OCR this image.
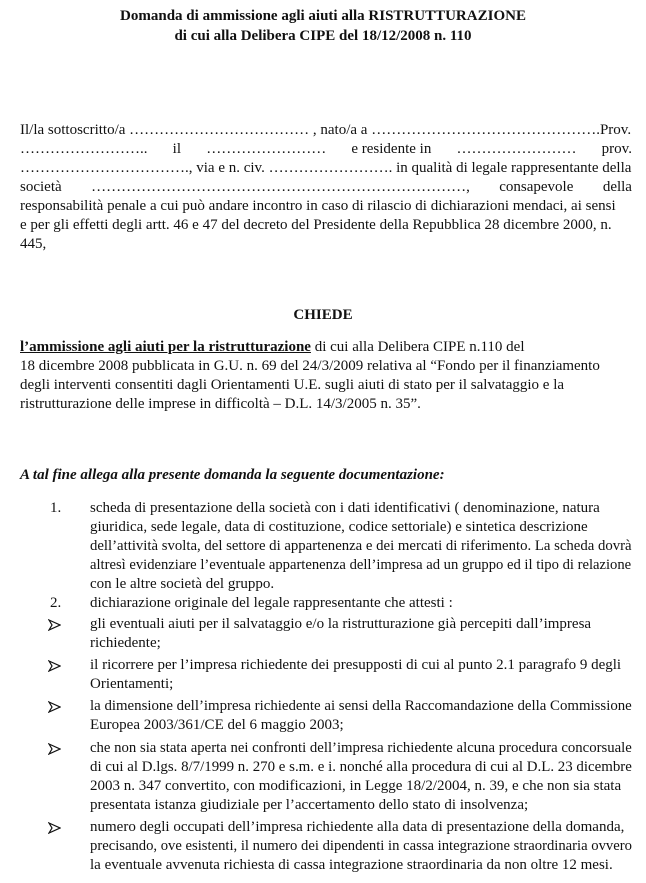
Domanda di ammissione agli aiuti alla RISTRUTTURAZIONE
di cui alla Delibera CIPE del 18/12/2008 n. 110
Il/la sottoscritto/a ……………………………… , nato/a a ……………………………………….Prov.
…………………….. il …………………… e residente in …………………… prov.
……………………………., via e n. civ. ……………………. in qualità di legale rappresentante della
società …………………………………………………………………, consapevole della
responsabilità penale a cui può andare incontro in caso di rilascio di dichiarazioni mendaci, ai sensi
e per gli effetti degli artt. 46 e 47 del decreto del Presidente della Repubblica 28 dicembre 2000, n.
445,
CHIEDE
l’ammissione agli aiuti per la ristrutturazione di cui alla Delibera CIPE n.110 del
18 dicembre 2008 pubblicata in G.U. n. 69 del 24/3/2009 relativa al “Fondo per il finanziamento
degli interventi consentiti dagli Orientamenti U.E. sugli aiuti di stato per il salvataggio e la
ristrutturazione delle imprese in difficoltà – D.L. 14/3/2005 n. 35”.
A tal fine allega alla presente domanda la seguente documentazione:
1.	scheda di presentazione della società con i dati identificativi ( denominazione, natura
giuridica, sede legale, data di costituzione, codice settoriale) e sintetica descrizione
dell’attività svolta, del settore di appartenenza e dei mercati di riferimento. La scheda dovrà
altresì evidenziare l’eventuale appartenenza dell’impresa ad un gruppo ed il tipo di relazione
con le altre società del gruppo.
2.	dichiarazione originale del legale rappresentante che attesti :
gli eventuali aiuti per il salvataggio e/o la ristrutturazione già percepiti dall’impresa
richiedente;
il ricorrere per l’impresa richiedente dei presupposti di cui al punto 2.1 paragrafo 9 degli
Orientamenti;
la dimensione dell’impresa richiedente ai sensi della Raccomandazione della Commissione
Europea 2003/361/CE del 6 maggio 2003;
che non sia stata aperta nei confronti dell’impresa richiedente alcuna procedura concorsuale
di cui al D.lgs. 8/7/1999 n. 270 e s.m. e i. nonché alla procedura di cui al D.L. 23 dicembre
2003 n. 347 convertito, con modificazioni, in Legge 18/2/2004, n. 39, e che non sia stata
presentata istanza giudiziale per l’accertamento dello stato di insolvenza;
numero degli occupati dell’impresa richiedente alla data di presentazione della domanda,
precisando, ove esistenti, il numero dei dipendenti in cassa integrazione straordinaria ovvero
la eventuale avvenuta richiesta di cassa integrazione straordinaria da non oltre 12 mesi.
